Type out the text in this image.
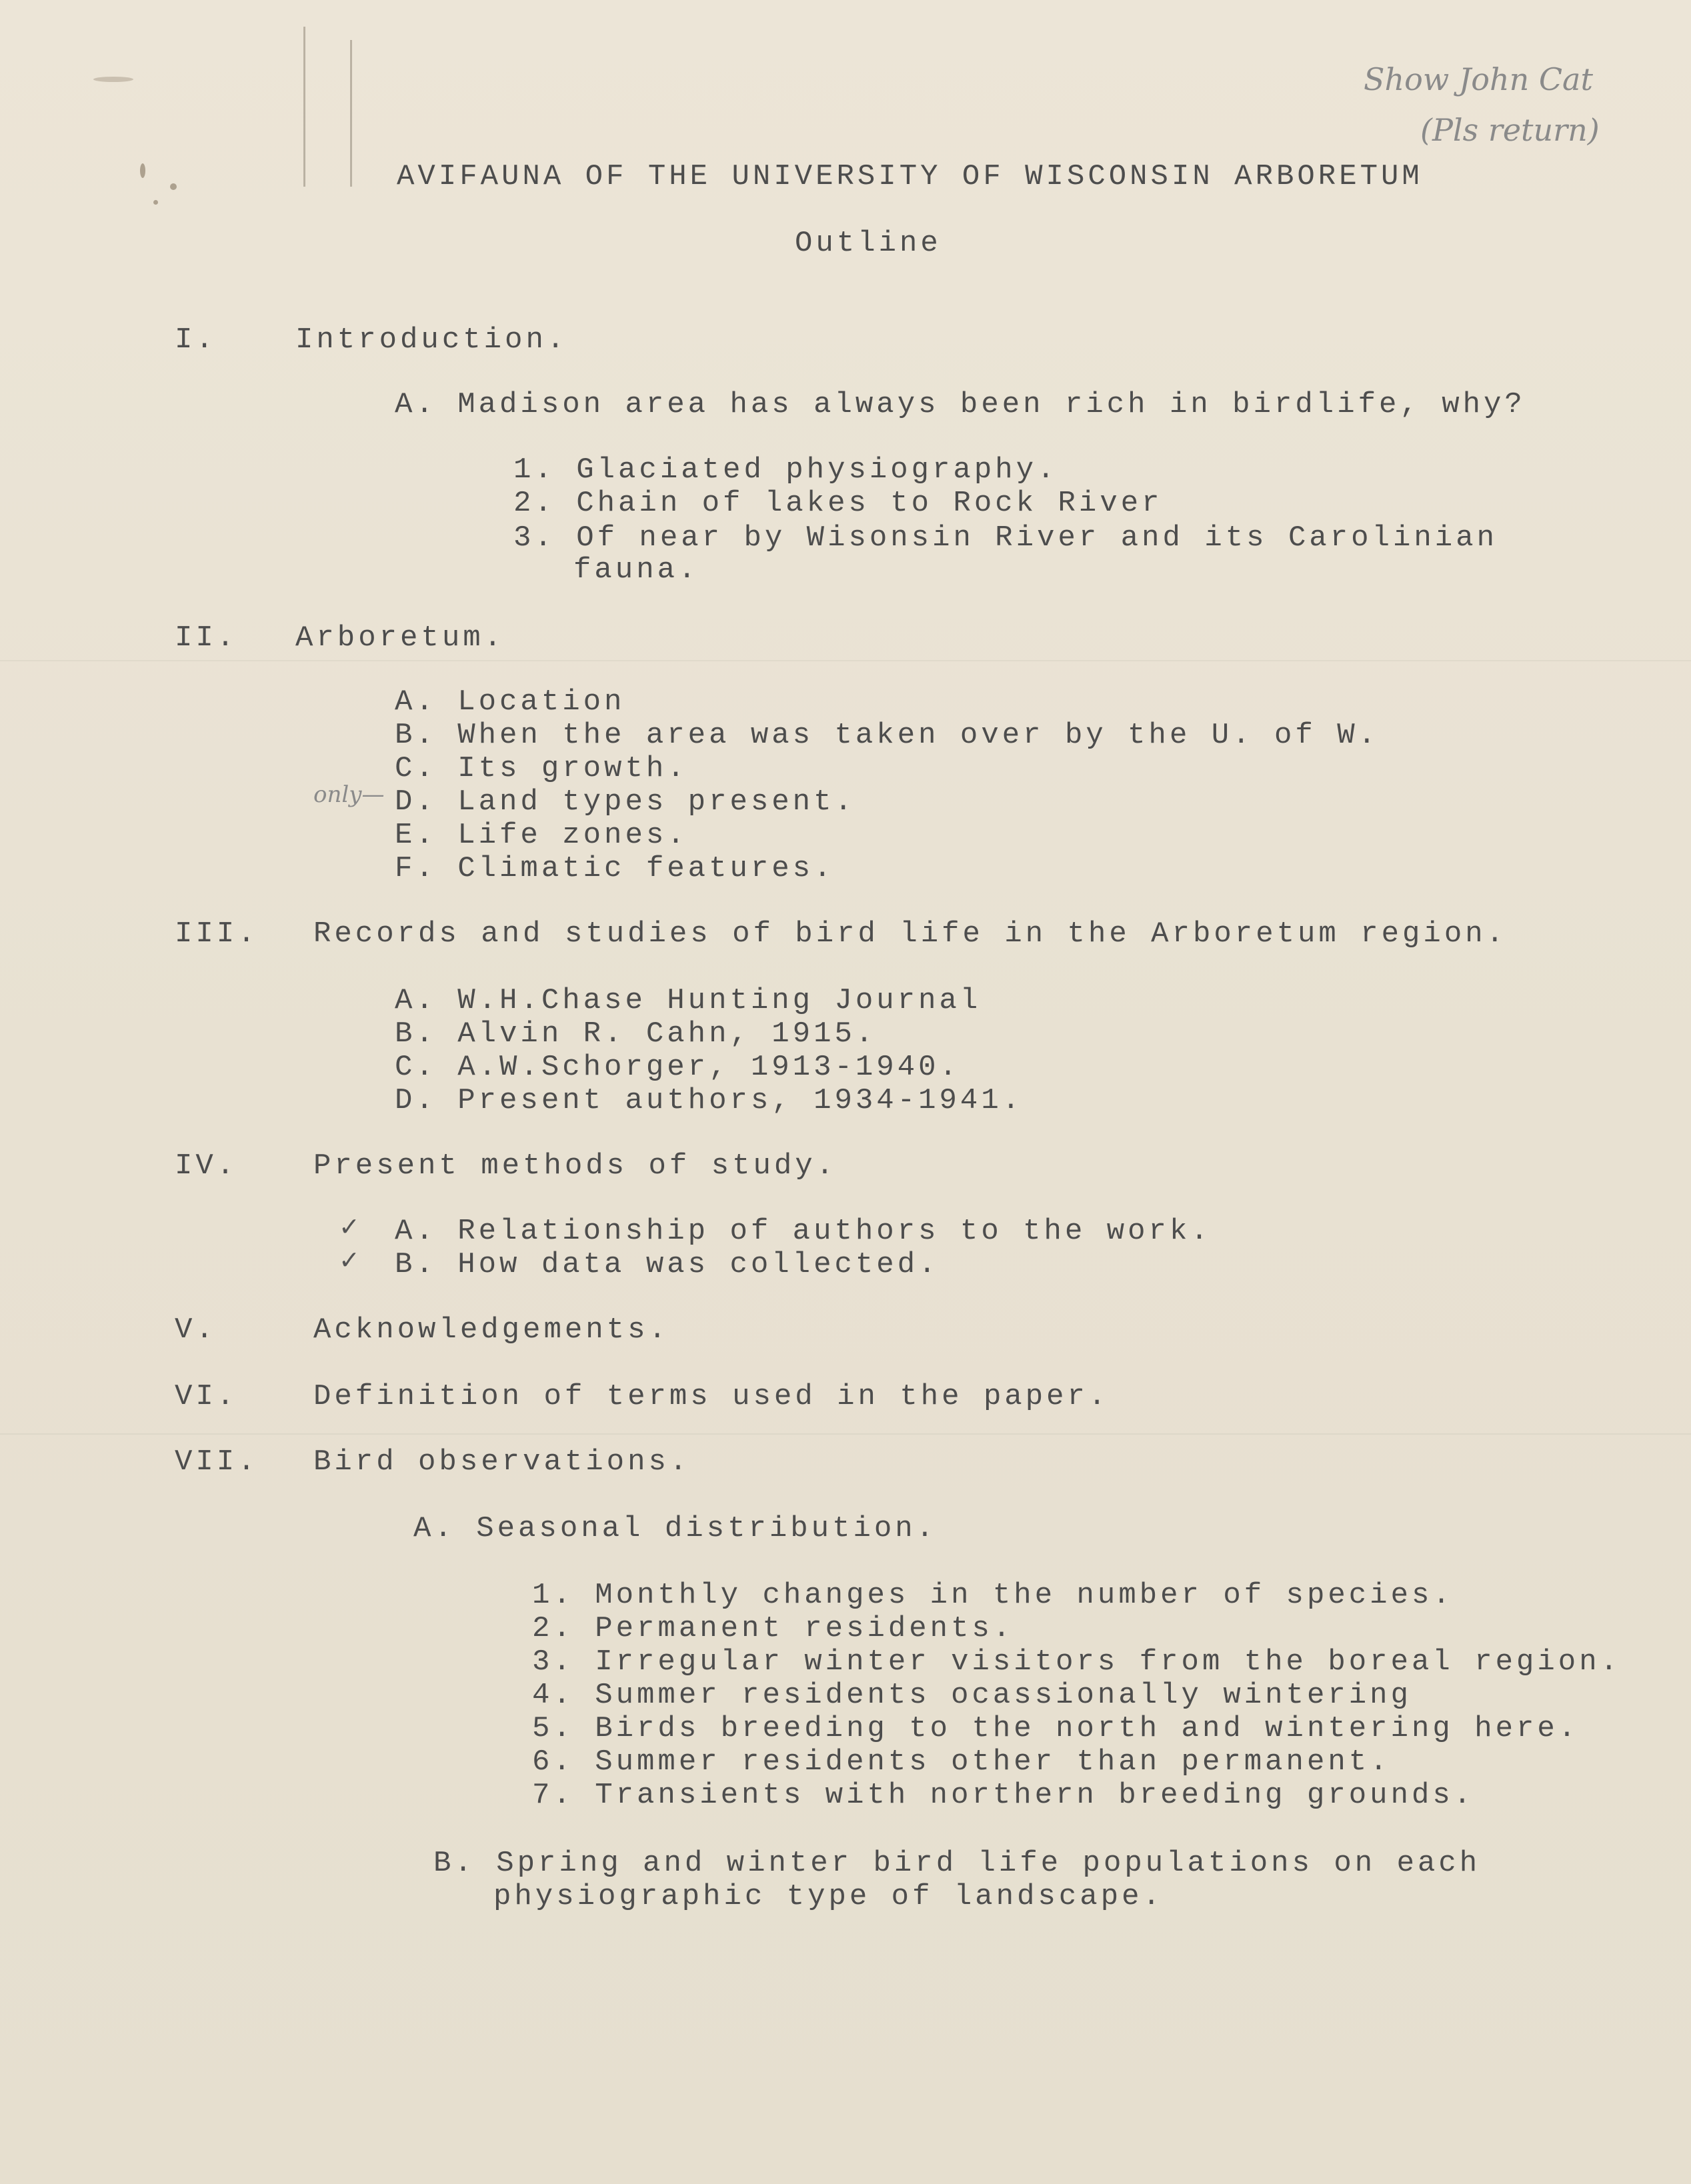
Show John Cat
(Pls return)
AVIFAUNA OF THE UNIVERSITY OF WISCONSIN ARBORETUM
Outline
I.	Introduction.
A. Madison area has always been rich in birdlife, why?
1. Glaciated physiography.
2. Chain of lakes to Rock River
3. Of near by Wisonsin River and its Carolinian
fauna.
II. Arboretum.
A. Location
B. When the area was taken over by the U. of W.
C. Its growth.
only— D. Land types present.
E. Life zones.
F. Climatic features.
III. Records and studies of bird life in the Arboretum region.
A. W.H.Chase Hunting Journal
B. Alvin R. Cahn, 1915.
C. A.W.Schorger, 1913-1940.
D. Present authors, 1934-1941.
IV.	Present methods of study.
✓ A. Relationship of authors to the work.
✓ B. How data was collected.
V.	Acknowledgements.
VI.	Definition of terms used in the paper.
VII. Bird observations.
A. Seasonal distribution.
1. Monthly changes in the number of species.
2. Permanent residents.
3. Irregular winter visitors from the boreal region.
4. Summer residents ocassionally wintering
5. Birds breeding to the north and wintering here.
6. Summer residents other than permanent.
7. Transients with northern breeding grounds.
B. Spring and winter bird life populations on each
physiographic type of landscape.
